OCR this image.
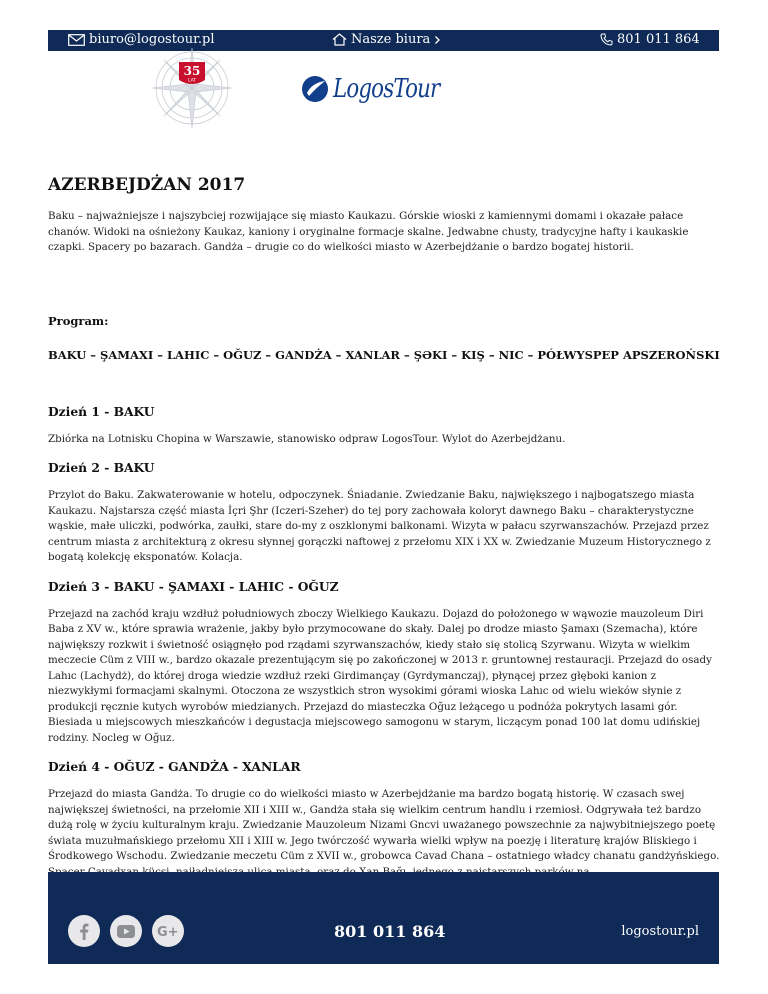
biuro@logostour.pl	Nasze biura	801 011 864
35
LAT	LogosTour
AZERBEJDŻAN 2017

Baku – najważniejsze i najszybciej rozwijające się miasto Kaukazu. Górskie wioski z kamiennymi domami i okazałe pałace chanów. Widoki na ośnieżony Kaukaz, kaniony i oryginalne formacje skalne. Jedwabne chusty, tradycyjne hafty i kaukaskie czapki. Spacery po bazarach. Gandża – drugie co do wielkości miasto w Azerbejdżanie o bardzo bogatej historii.

Program:
BAKU – ŞAMAXI – LAHIC – OĞUZ – GANDŻA – XANLAR – ŞƏKI – KIŞ – NIC – PÓŁWYSPEP APSZEROŃSKI
Dzień 1 - BAKU

Zbiórka na Lotnisku Chopina w Warszawie, stanowisko odpraw LogosTour. Wylot do Azerbejdżanu.

Dzień 2 - BAKU

Przylot do Baku. Zakwaterowanie w hotelu, odpoczynek. Śniadanie. Zwiedzanie Baku, największego i najbogatszego miasta Kaukazu. Najstarsza część miasta İçri Şhr (Iczeri-Szeher) do tej pory zachowała koloryt dawnego Baku – charakterystyczne wąskie, małe uliczki, podwórka, zaułki, stare do-my z oszklonymi balkonami. Wizyta w pałacu szyrwanszachów. Przejazd przez centrum miasta z architekturą z okresu słynnej gorączki naftowej z przełomu XIX i XX w. Zwiedzanie Muzeum Historycznego z bogatą kolekcję eksponatów. Kolacja.

Dzień 3 - BAKU - ŞAMAXI - LAHIC - OĞUZ

Przejazd na zachód kraju wzdłuż południowych zboczy Wielkiego Kaukazu. Dojazd do położonego w wąwozie mauzoleum Diri Baba z XV w., które sprawia wrażenie, jakby było przymocowane do skały. Dalej po drodze miasto Şamaxı (Szemacha), które największy rozkwit i świetność osiągnęło pod rządami szyrwanszachów, kiedy stało się stolicą Szyrwanu. Wizyta w wielkim meczecie Cüm z VIII w., bardzo okazale prezentującym się po zakończonej w 2013 r. gruntownej restauracji. Przejazd do osady Lahıc (Lachydż), do której droga wiedzie wzdłuż rzeki Girdimançay (Gyrdymanczaj), płynącej przez głęboki kanion z niezwykłymi formacjami skalnymi. Otoczona ze wszystkich stron wysokimi górami wioska Lahıc od wielu wieków słynie z produkcji ręcznie kutych wyrobów miedzianych. Przejazd do miasteczka Oğuz leżącego u podnóża pokrytych lasami gór. Biesiada u miejscowych mieszkańców i degustacja miejscowego samogonu w starym, liczącym ponad 100 lat domu udińskiej rodziny. Nocleg w Oğuz.

Dzień 4 - OĞUZ - GANDŻA - XANLAR

Przejazd do miasta Gandża. To drugie co do wielkości miasto w Azerbejdżanie ma bardzo bogatą historię. W czasach swej największej świetności, na przełomie XII i XIII w., Gandża stała się wielkim centrum handlu i rzemiosł. Odgrywała też bardzo dużą rolę w życiu kulturalnym kraju. Zwiedzanie Mauzoleum Nizami Gncvi uważanego powszechnie za najwybitniejszego poetę świata muzułmańskiego przełomu XII i XIII w. Jego twórczość wywarła wielki wpływ na poezję i literaturę krajów Bliskiego i Środkowego Wschodu. Zwiedzanie meczetu Cüm z XVII w., grobowca Cavad Chana – ostatniego władcy chanatu gandżyńskiego.

G+	801 011 864	logostour.pl
